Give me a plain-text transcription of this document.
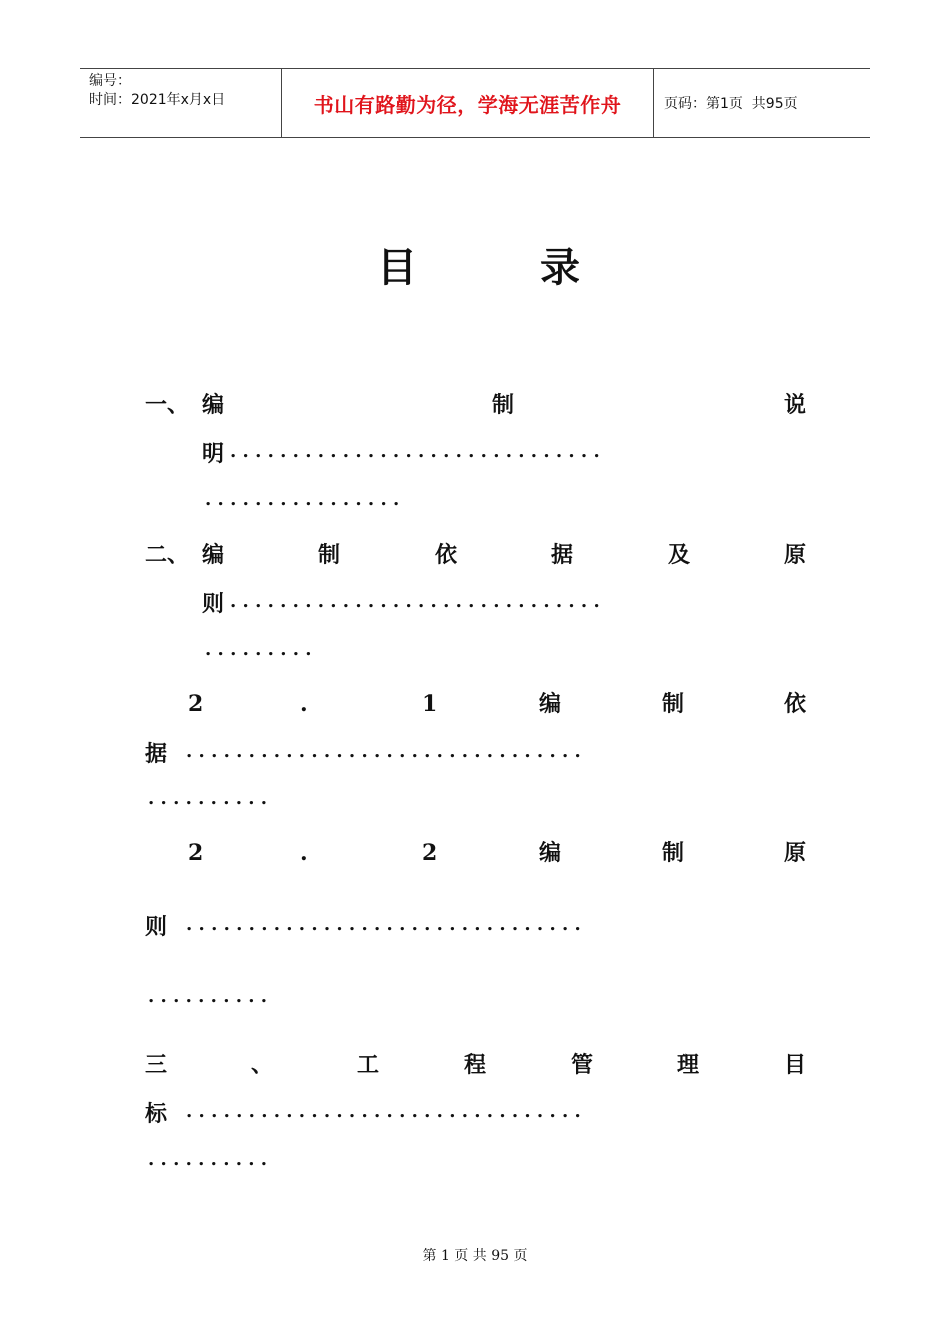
编号：
时间：2021年x月x日	书山有路勤为径，学海无涯苦作舟	页码：第1页  共95页
目	录
一、 编	制	说
明 . . . . . . . . . . . . . . . . . . . . . . . . . . . . . .
. . . . . . . . . . . . . . . .
二、 编	制	依	据	及	原
则 . . . . . . . . . . . . . . . . . . . . . . . . . . . . . .
. . . . . . . . .
2	.	1	编	制	依
据 . . . . . . . . . . . . . . . . . . . . . . . . . . . . . . . .
. . . . . . . . . .
2	.	2	编	制	原
则 . . . . . . . . . . . . . . . . . . . . . . . . . . . . . . . .
. . . . . . . . . .
三	、	工	程	管	理	目
标 . . . . . . . . . . . . . . . . . . . . . . . . . . . . . . . .
. . . . . . . . . .
第 1 页 共 95 页
